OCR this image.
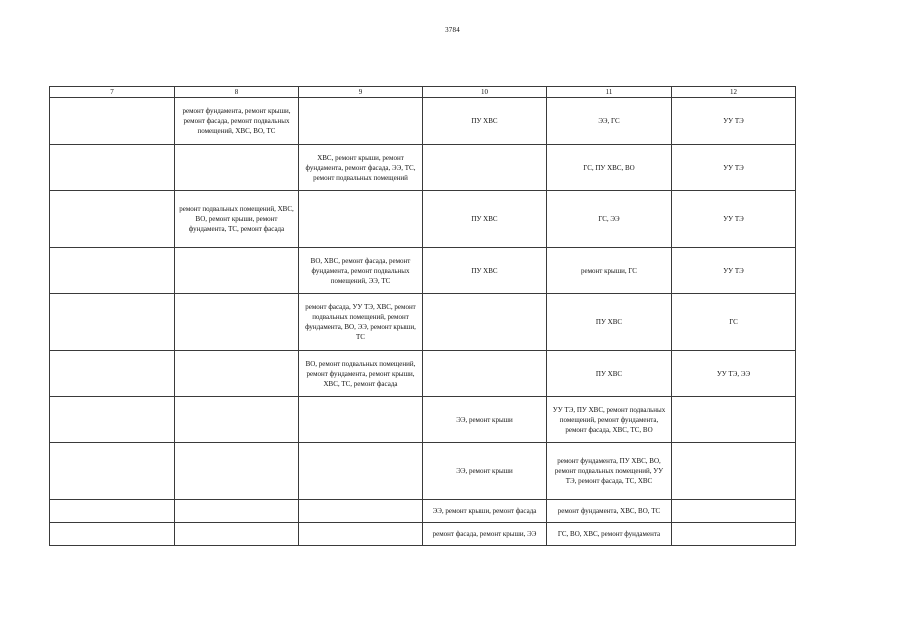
3784
7	8	9	10	11	12
	ремонт фундамента, ремонт крыши, ремонт фасада, ремонт подвальных помещений, ХВС, ВО, ТС		ПУ ХВС	ЭЭ, ГС	УУ ТЭ
		ХВС, ремонт крыши, ремонт фундамента, ремонт фасада, ЭЭ, ТС, ремонт подвальных помещений		ГС, ПУ ХВС, ВО	УУ ТЭ
	ремонт подвальных помещений, ХВС, ВО, ремонт крыши, ремонт фундамента, ТС, ремонт фасада		ПУ ХВС	ГС, ЭЭ	УУ ТЭ
		ВО, ХВС, ремонт фасада, ремонт фундамента, ремонт подвальных помещений, ЭЭ, ТС	ПУ ХВС	ремонт крыши, ГС	УУ ТЭ
		ремонт фасада, УУ ТЭ, ХВС, ремонт подвальных помещений, ремонт фундамента, ВО, ЭЭ, ремонт крыши, ТС		ПУ ХВС	ГС
		ВО, ремонт подвальных помещений, ремонт фундамента, ремонт крыши, ХВС, ТС, ремонт фасада		ПУ ХВС	УУ ТЭ, ЭЭ
			ЭЭ, ремонт крыши	УУ ТЭ, ПУ ХВС, ремонт подвальных помещений, ремонт фундамента, ремонт фасада, ХВС, ТС, ВО	
			ЭЭ, ремонт крыши	ремонт фундамента, ПУ ХВС, ВО, ремонт подвальных помещений, УУ ТЭ, ремонт фасада, ТС, ХВС	
			ЭЭ, ремонт крыши, ремонт фасада	ремонт фундамента, ХВС, ВО, ТС	
			ремонт фасада, ремонт крыши, ЭЭ	ГС, ВО, ХВС, ремонт фундамента	
